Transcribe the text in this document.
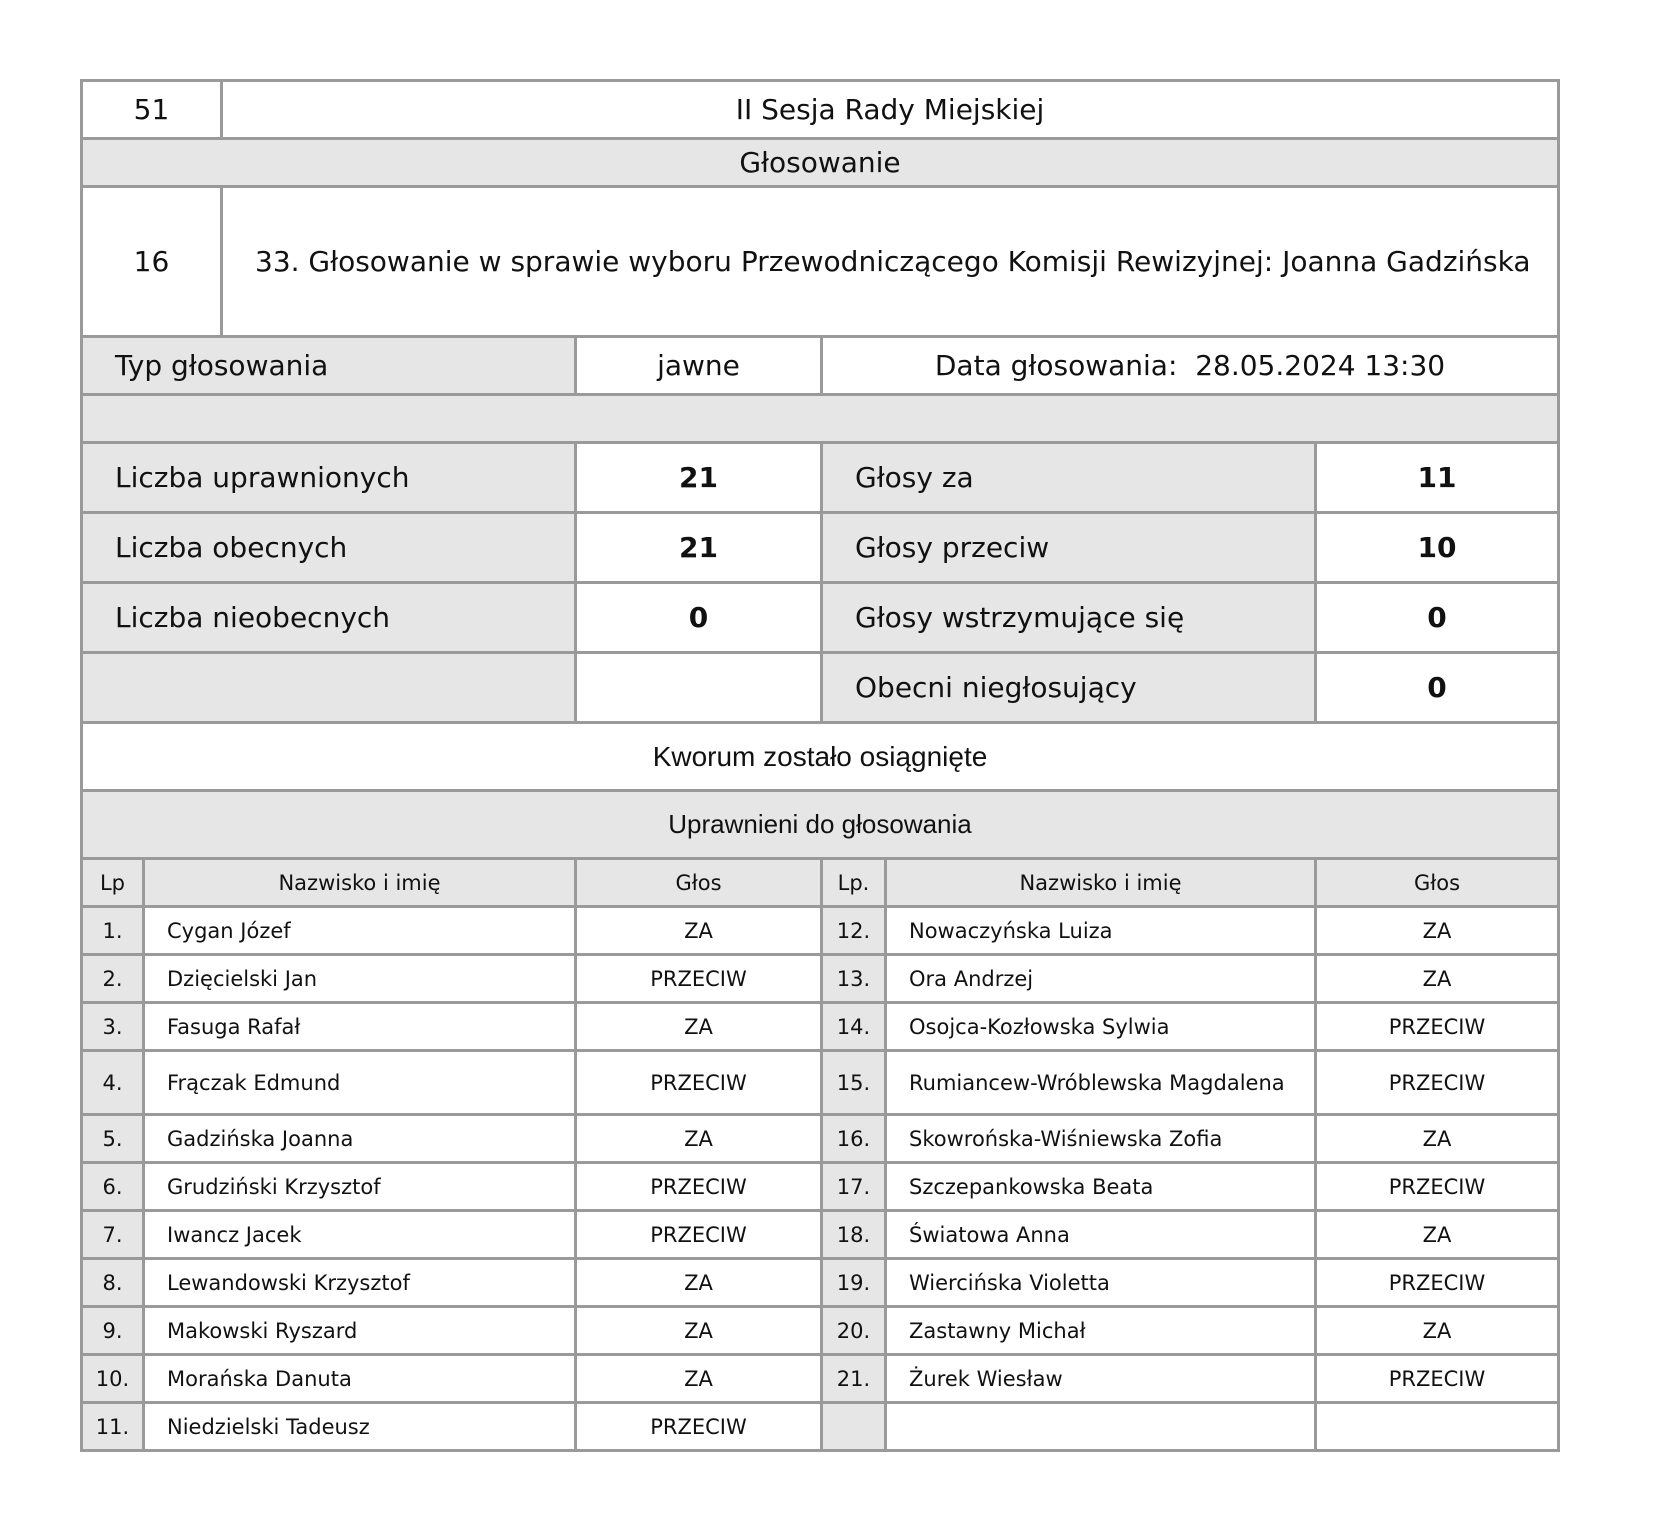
51	II Sesja Rady Miejskiej
Głosowanie	
16	33. Głosowanie w sprawie wyboru Przewodniczącego Komisji Rewizyjnej: Joanna Gadzińska
Typ głosowania	jawne	Data głosowania: 28.05.2024 13:30

Liczba uprawnionych	21	Głosy za	11
Liczba obecnych	21	Głosy przeciw	10
Liczba nieobecnych	0	Głosy wstrzymujące się	0
		Obecni niegłosujący	0
Kworum zostało osiągnięte			
Uprawnieni do głosowania			
Lp	Nazwisko i imię	Głos	Lp.	Nazwisko i imię	Głos
1.	Cygan Józef	ZA	12.	Nowaczyńska Luiza	ZA
2.	Dzięcielski Jan	PRZECIW	13.	Ora Andrzej	ZA
3.	Fasuga Rafał	ZA	14.	Osojca-Kozłowska Sylwia	PRZECIW
4.	Frączak Edmund	PRZECIW	15.	Rumiancew-Wróblewska Magdalena	PRZECIW
5.	Gadzińska Joanna	ZA	16.	Skowrońska-Wiśniewska Zofia	ZA
6.	Grudziński Krzysztof	PRZECIW	17.	Szczepankowska Beata	PRZECIW
7.	Iwancz Jacek	PRZECIW	18.	Światowa Anna	ZA
8.	Lewandowski Krzysztof	ZA	19.	Wiercińska Violetta	PRZECIW
9.	Makowski Ryszard	ZA	20.	Zastawny Michał	ZA
10.	Morańska Danuta	ZA	21.	Żurek Wiesław	PRZECIW
11.	Niedzielski Tadeusz	PRZECIW			
